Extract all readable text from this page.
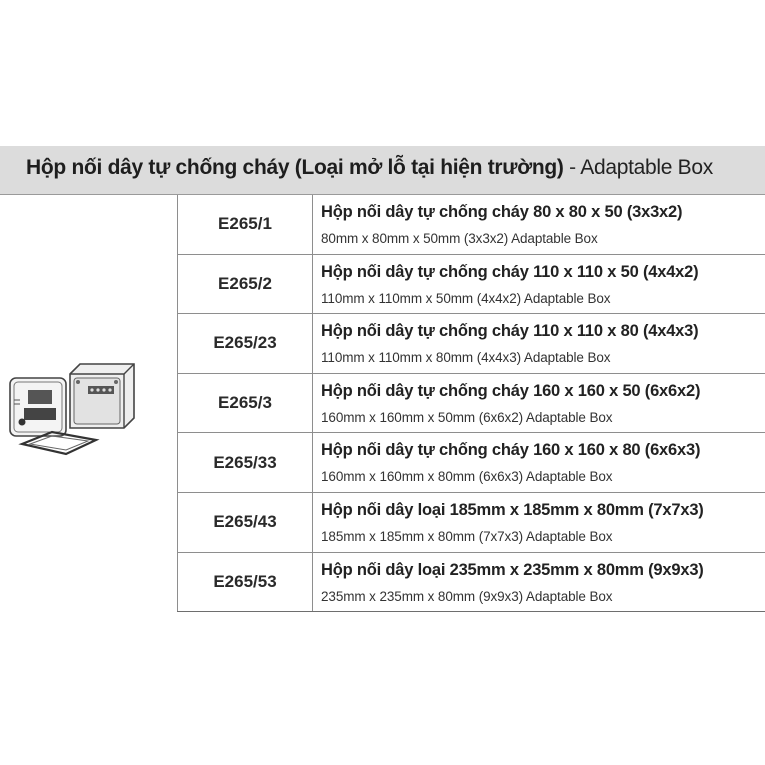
Hộp nối dây tự chống cháy (Loại mở lỗ tại hiện trường) - Adaptable Box
E265/1
Hộp nối dây tự chống cháy 80 x 80 x 50 (3x3x2)
80mm x 80mm x 50mm (3x3x2) Adaptable Box
E265/2
Hộp nối dây tự chống cháy 110 x 110 x 50 (4x4x2)
110mm x 110mm x 50mm (4x4x2) Adaptable Box
E265/23
Hộp nối dây tự chống cháy 110 x 110 x 80 (4x4x3)
110mm x 110mm x 80mm (4x4x3) Adaptable Box
E265/3
Hộp nối dây tự chống cháy 160 x 160 x 50 (6x6x2)
160mm x 160mm x 50mm (6x6x2) Adaptable Box
E265/33
Hộp nối dây tự chống cháy 160 x 160 x 80 (6x6x3)
160mm x 160mm x 80mm (6x6x3) Adaptable Box
E265/43
Hộp nối dây loại 185mm x 185mm x 80mm (7x7x3)
185mm x 185mm x 80mm (7x7x3) Adaptable Box
E265/53
Hộp nối dây loại 235mm x 235mm x 80mm (9x9x3)
235mm x 235mm x 80mm (9x9x3) Adaptable Box
